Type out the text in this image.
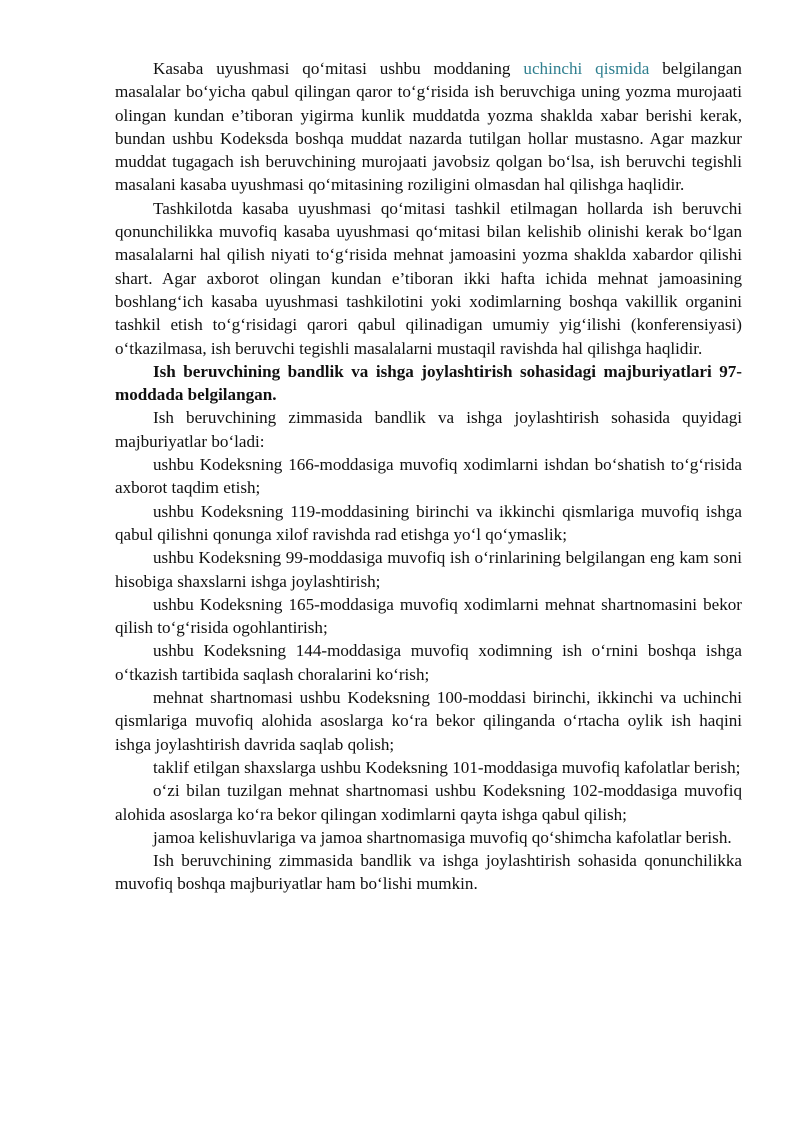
Kasaba uyushmasi qo‘mitasi ushbu moddaning uchinchi qismida belgilangan masalalar bo‘yicha qabul qilingan qaror to‘g‘risida ish beruvchiga uning yozma murojaati olingan kundan e’tiboran yigirma kunlik muddatda yozma shaklda xabar berishi kerak, bundan ushbu Kodeksda boshqa muddat nazarda tutilgan hollar mustasno. Agar mazkur muddat tugagach ish beruvchining murojaati javobsiz qolgan bo‘lsa, ish beruvchi tegishli masalani kasaba uyushmasi qo‘mitasining roziligini olmasdan hal qilishga haqlidir.

Tashkilotda kasaba uyushmasi qo‘mitasi tashkil etilmagan hollarda ish beruvchi qonunchilikka muvofiq kasaba uyushmasi qo‘mitasi bilan kelishib olinishi kerak bo‘lgan masalalarni hal qilish niyati to‘g‘risida mehnat jamoasini yozma shaklda xabardor qilishi shart. Agar axborot olingan kundan e’tiboran ikki hafta ichida mehnat jamoasining boshlang‘ich kasaba uyushmasi tashkilotini yoki xodimlarning boshqa vakillik organini tashkil etish to‘g‘risidagi qarori qabul qilinadigan umumiy yig‘ilishi (konferensiyasi) o‘tkazilmasa, ish beruvchi tegishli masalalarni mustaqil ravishda hal qilishga haqlidir.

Ish beruvchining bandlik va ishga joylashtirish sohasidagi majburiyatlari 97-moddada belgilangan.

Ish beruvchining zimmasida bandlik va ishga joylashtirish sohasida quyidagi majburiyatlar bo‘ladi:

ushbu Kodeksning 166-moddasiga muvofiq xodimlarni ishdan bo‘shatish to‘g‘risida axborot taqdim etish;

ushbu Kodeksning 119-moddasining birinchi va ikkinchi qismlariga muvofiq ishga qabul qilishni qonunga xilof ravishda rad etishga yo‘l qo‘ymaslik;

ushbu Kodeksning 99-moddasiga muvofiq ish o‘rinlarining belgilangan eng kam soni hisobiga shaxslarni ishga joylashtirish;

ushbu Kodeksning 165-moddasiga muvofiq xodimlarni mehnat shartnomasini bekor qilish to‘g‘risida ogohlantirish;

ushbu Kodeksning 144-moddasiga muvofiq xodimning ish o‘rnini boshqa ishga o‘tkazish tartibida saqlash choralarini ko‘rish;

mehnat shartnomasi ushbu Kodeksning 100-moddasi birinchi, ikkinchi va uchinchi qismlariga muvofiq alohida asoslarga ko‘ra bekor qilinganda o‘rtacha oylik ish haqini ishga joylashtirish davrida saqlab qolish;

taklif etilgan shaxslarga ushbu Kodeksning 101-moddasiga muvofiq kafolatlar berish;

o‘zi bilan tuzilgan mehnat shartnomasi ushbu Kodeksning 102-moddasiga muvofiq alohida asoslarga ko‘ra bekor qilingan xodimlarni qayta ishga qabul qilish;

jamoa kelishuvlariga va jamoa shartnomasiga muvofiq qo‘shimcha kafolatlar berish.

Ish beruvchining zimmasida bandlik va ishga joylashtirish sohasida qonunchilikka muvofiq boshqa majburiyatlar ham bo‘lishi mumkin.
